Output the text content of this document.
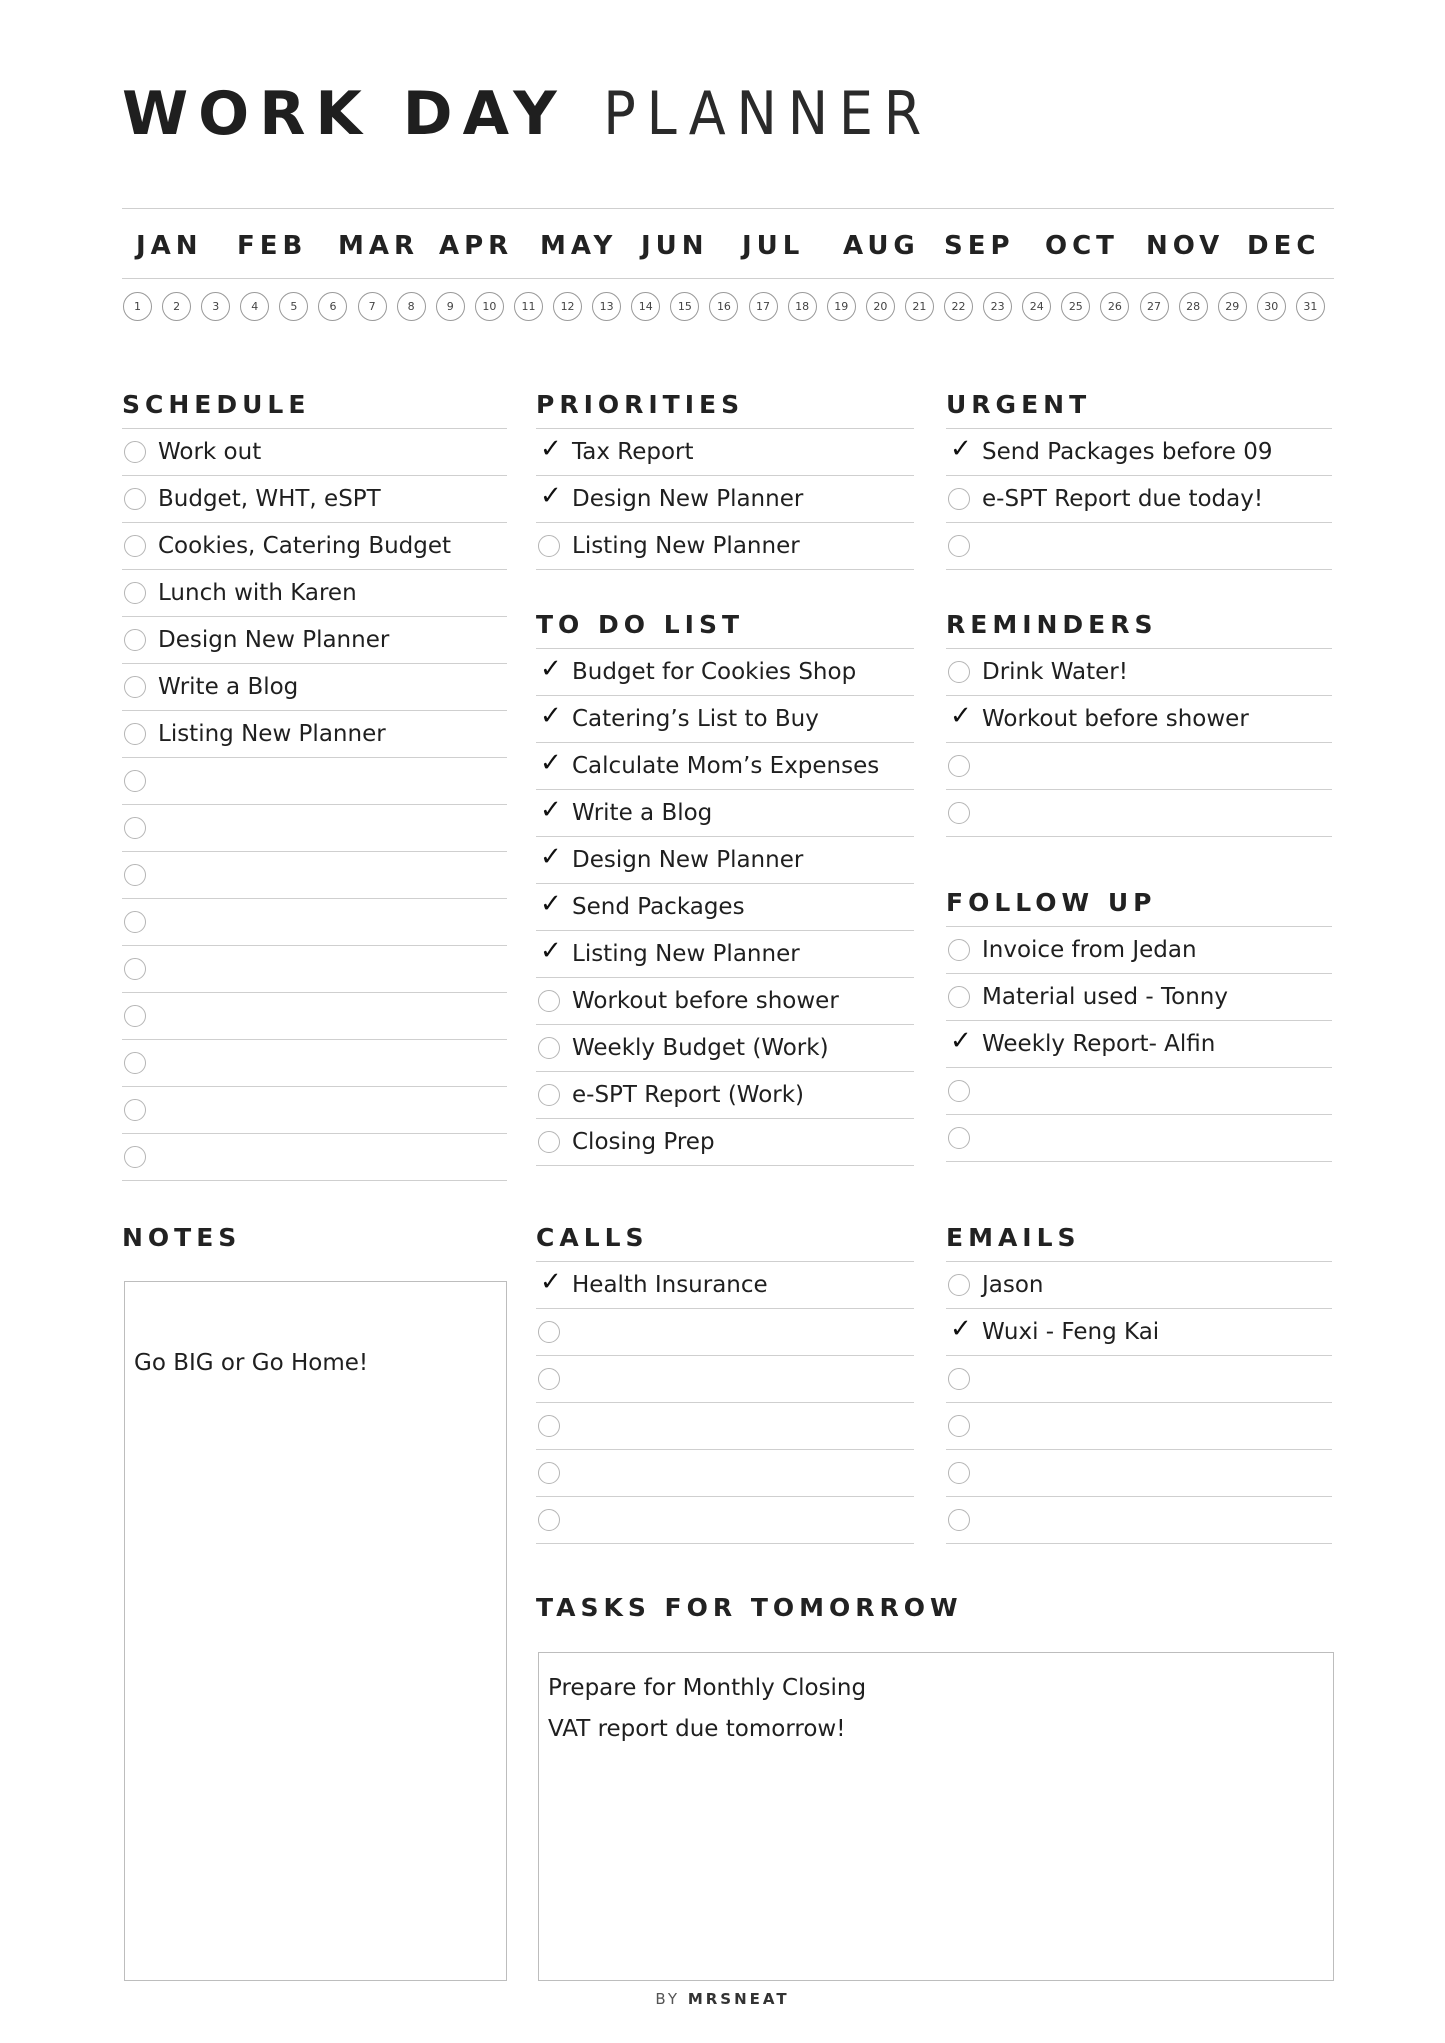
WORK DAY PLANNER
JAN FEB MAR APR MAY JUN JUL AUG SEP OCT NOV DEC
1	2	3	4	5	6	7	8	9	10	11	12	13	14	15	16	17	18	19	20	21	22	23	24	25	26	27	28	29	30	31
SCHEDULE
Work out
Budget, WHT, eSPT
Cookies, Catering Budget
Lunch with Karen
Design New Planner
Write a Blog
Listing New Planner
PRIORITIES
✓ Tax Report
✓ Design New Planner
Listing New Planner
TO DO LIST
✓ Budget for Cookies Shop
✓ Catering’s List to Buy
✓ Calculate Mom’s Expenses
✓ Write a Blog
✓ Design New Planner
✓ Send Packages
✓ Listing New Planner
Workout before shower
Weekly Budget (Work)
e-SPT Report (Work)
Closing Prep
URGENT
✓ Send Packages before 09
e-SPT Report due today!
REMINDERS
Drink Water!
✓ Workout before shower
FOLLOW UP
Invoice from Jedan
Material used - Tonny
✓ Weekly Report- Alfin
CALLS
✓ Health Insurance
EMAILS
Jason
✓ Wuxi - Feng Kai
NOTES
Go BIG or Go Home!
TASKS FOR TOMORROW
Prepare for Monthly Closing
VAT report due tomorrow!
BY MRSNEAT
